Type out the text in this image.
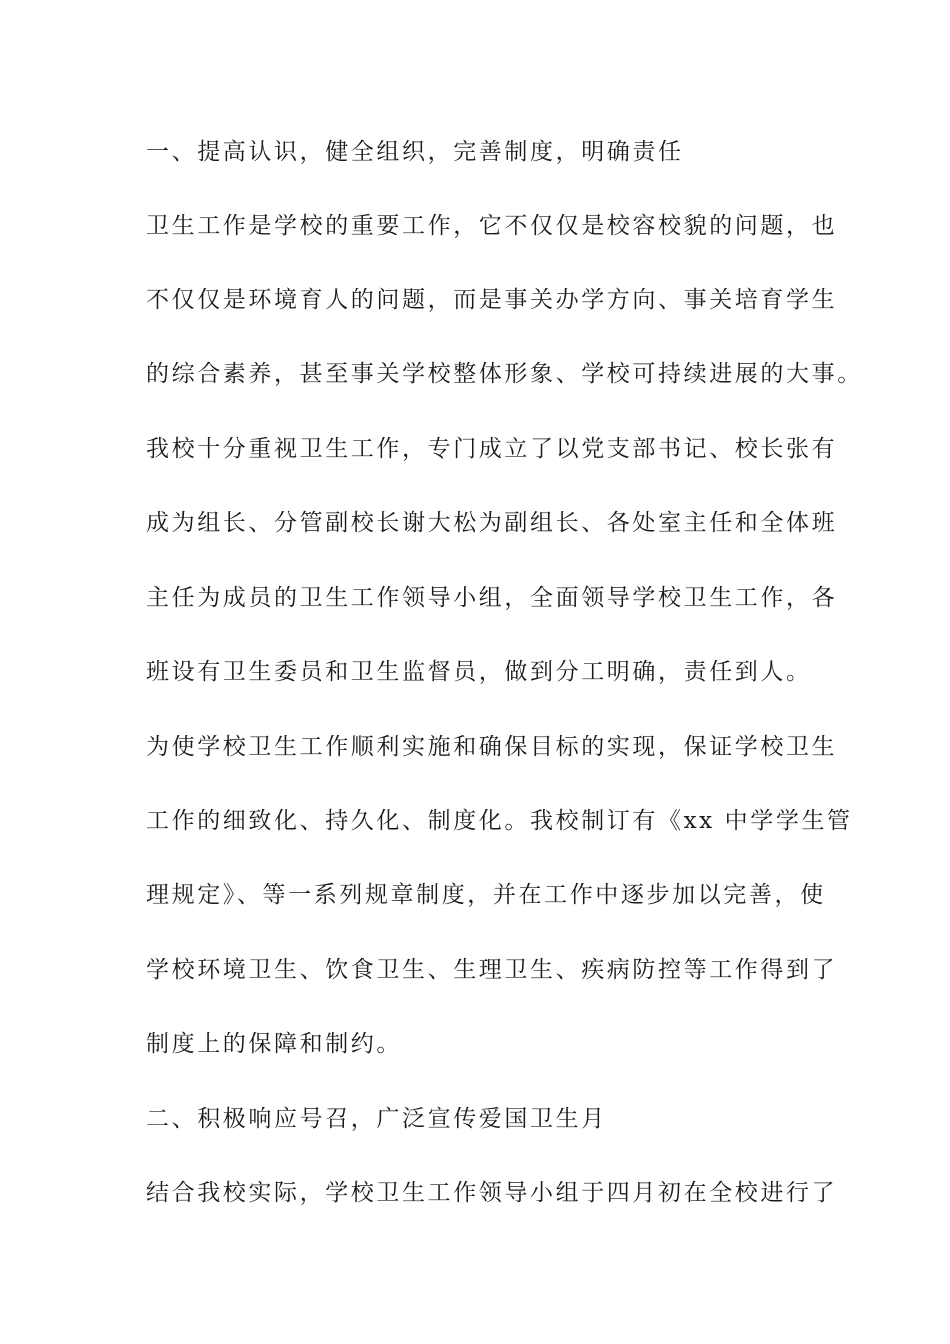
一、提高认识，健全组织，完善制度，明确责任
卫生工作是学校的重要工作，它不仅仅是校容校貌的问题，也
不仅仅是环境育人的问题，而是事关办学方向、事关培育学生
的综合素养，甚至事关学校整体形象、学校可持续进展的大事。
我校十分重视卫生工作，专门成立了以党支部书记、校长张有
成为组长、分管副校长谢大松为副组长、各处室主任和全体班
主任为成员的卫生工作领导小组，全面领导学校卫生工作，各
班设有卫生委员和卫生监督员，做到分工明确，责任到人。
为使学校卫生工作顺利实施和确保目标的实现，保证学校卫生
工作的细致化、持久化、制度化。我校制订有《xx 中学学生管
理规定》、等一系列规章制度，并在工作中逐步加以完善，使
学校环境卫生、饮食卫生、生理卫生、疾病防控等工作得到了
制度上的保障和制约。
二、积极响应号召，广泛宣传爱国卫生月
结合我校实际，学校卫生工作领导小组于四月初在全校进行了
